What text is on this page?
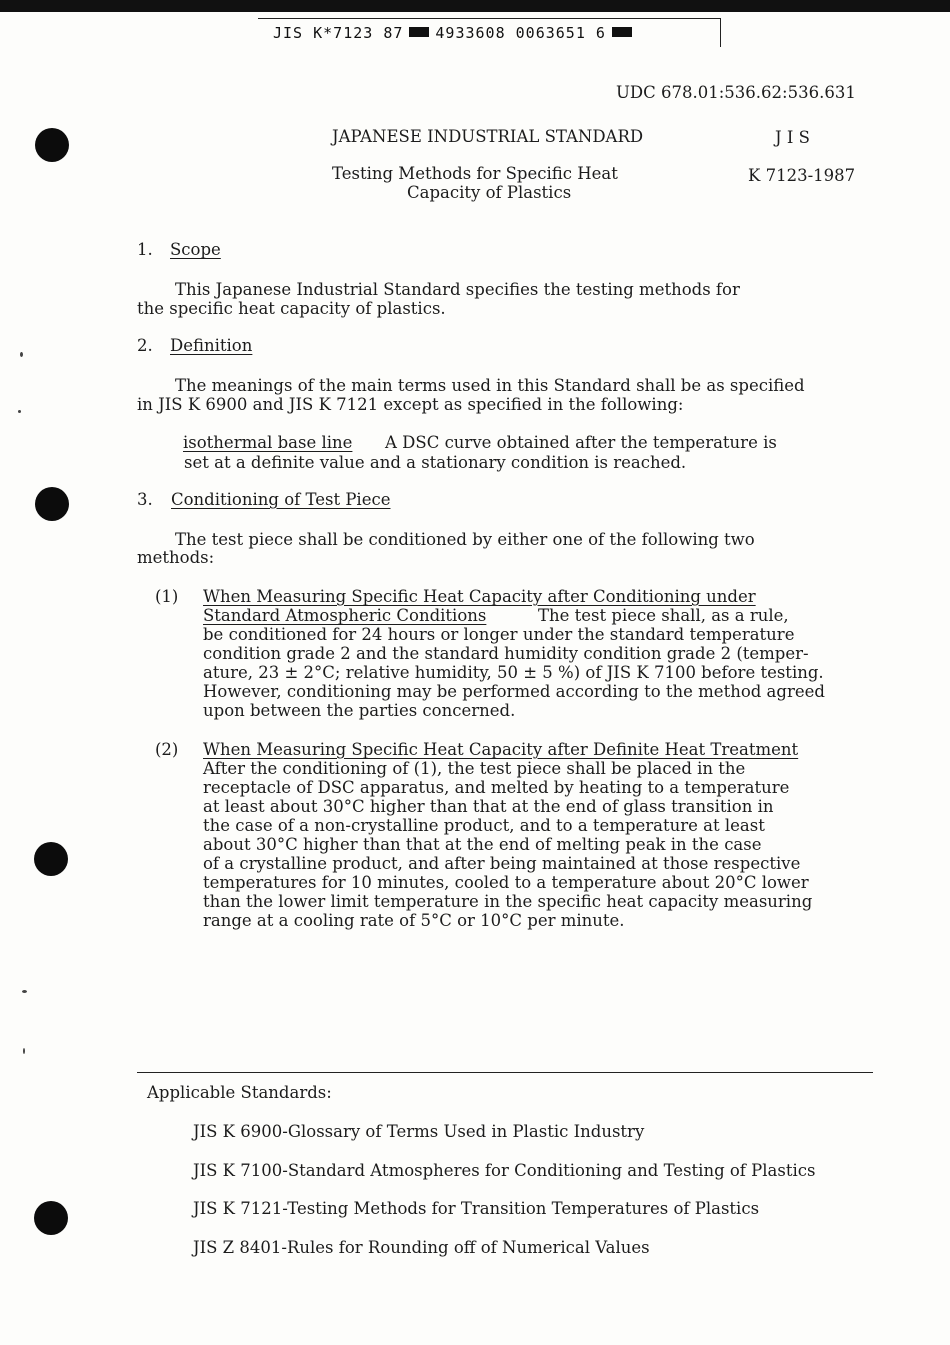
JIS K*7123 87 4933608 0063651 6
UDC 678.01:536.62:536.631
JAPANESE INDUSTRIAL STANDARD	J I S
Testing Methods for Specific Heat
Capacity of Plastics
K 7123-1987
1. Scope
This Japanese Industrial Standard specifies the testing methods for
the specific heat capacity of plastics.
2. Definition
The meanings of the main terms used in this Standard shall be as specified
in JIS K 6900 and JIS K 7121 except as specified in the following:
isothermal base line A DSC curve obtained after the temperature is
set at a definite value and a stationary condition is reached.
3. Conditioning of Test Piece
The test piece shall be conditioned by either one of the following two
methods:
(1) When Measuring Specific Heat Capacity after Conditioning under
Standard Atmospheric Conditions	The test piece shall, as a rule,
be conditioned for 24 hours or longer under the standard temperature
condition grade 2 and the standard humidity condition grade 2 (temper-
ature, 23 ± 2°C; relative humidity, 50 ± 5 %) of JIS K 7100 before testing.
However, conditioning may be performed according to the method agreed
upon between the parties concerned.
(2) When Measuring Specific Heat Capacity after Definite Heat Treatment
After the conditioning of (1), the test piece shall be placed in the
receptacle of DSC apparatus, and melted by heating to a temperature
at least about 30°C higher than that at the end of glass transition in
the case of a non-crystalline product, and to a temperature at least
about 30°C higher than that at the end of melting peak in the case
of a crystalline product, and after being maintained at those respective
temperatures for 10 minutes, cooled to a temperature about 20°C lower
than the lower limit temperature in the specific heat capacity measuring
range at a cooling rate of 5°C or 10°C per minute.
Applicable Standards:
JIS K 6900-Glossary of Terms Used in Plastic Industry
JIS K 7100-Standard Atmospheres for Conditioning and Testing of Plastics
JIS K 7121-Testing Methods for Transition Temperatures of Plastics
JIS Z 8401-Rules for Rounding off of Numerical Values
